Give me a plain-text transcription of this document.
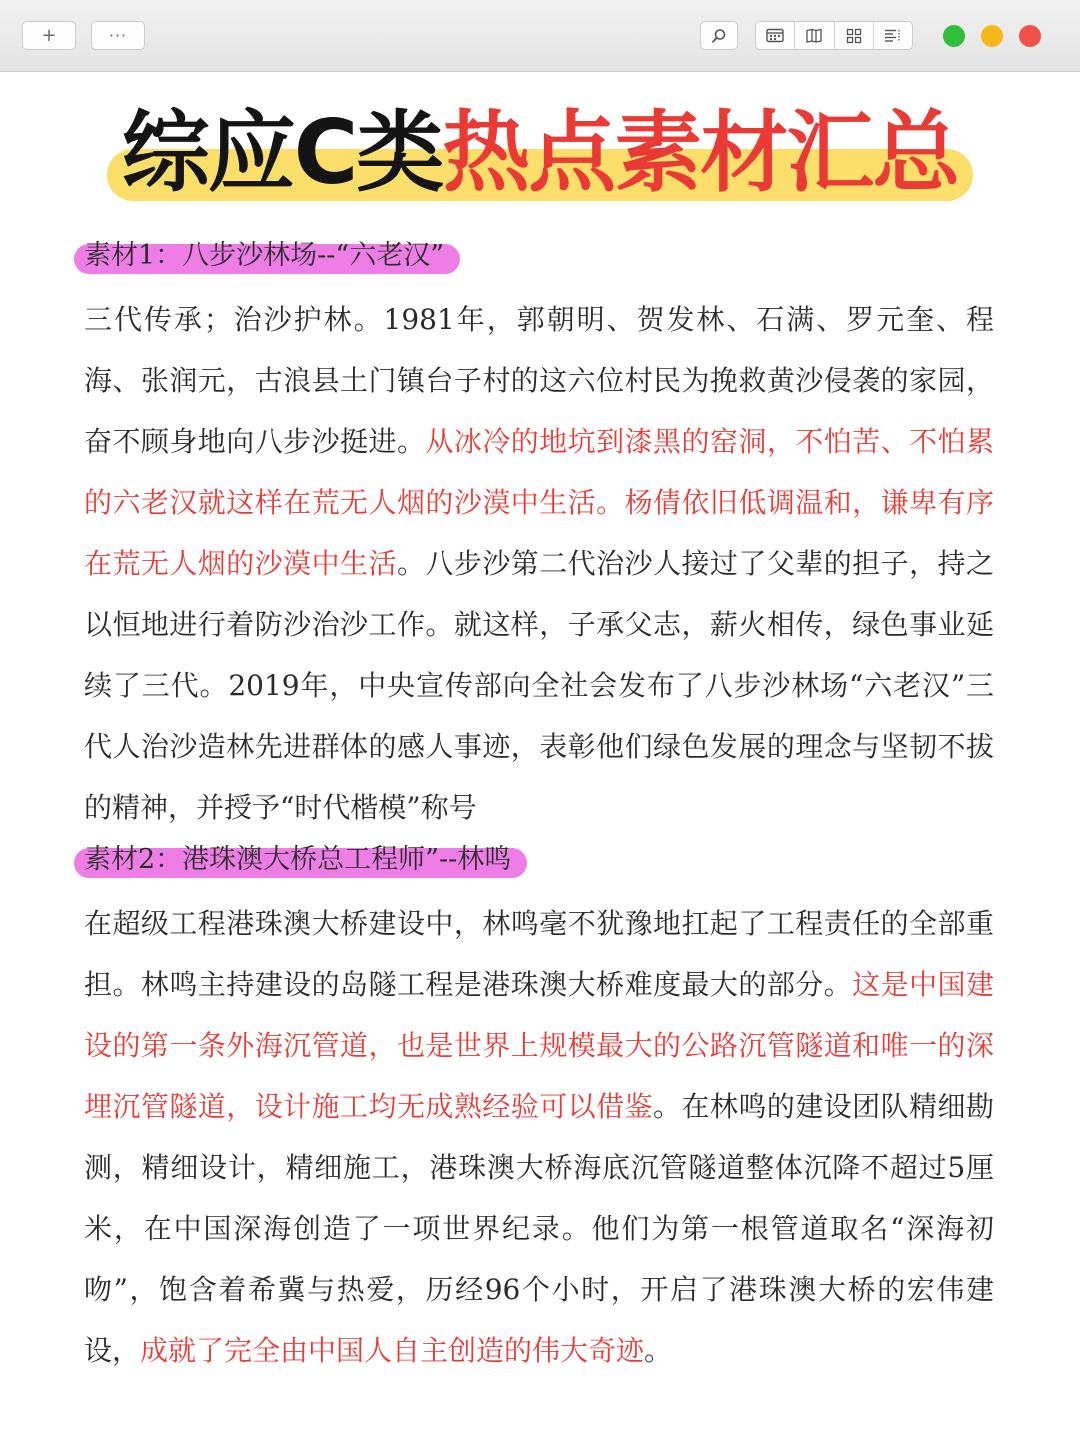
+	···
综应C类热点素材汇总
素材1：八步沙林场--“六老汉”

三代传承；治沙护林。1981年，郭朝明、贺发林、石满、罗元奎、程海、张润元，古浪县土门镇台子村的这六位村民为挽救黄沙侵袭的家园，奋不顾身地向八步沙挺进。从冰冷的地坑到漆黑的窑洞，不怕苦、不怕累的六老汉就这样在荒无人烟的沙漠中生活。杨倩依旧低调温和，谦卑有序在荒无人烟的沙漠中生活。八步沙第二代治沙人接过了父辈的担子，持之以恒地进行着防沙治沙工作。就这样，子承父志，薪火相传，绿色事业延续了三代。2019年，中央宣传部向全社会发布了八步沙林场“六老汉”三代人治沙造林先进群体的感人事迹，表彰他们绿色发展的理念与坚韧不拔的精神，并授予“时代楷模”称号

素材2：港珠澳大桥总工程师”--林鸣

在超级工程港珠澳大桥建设中，林鸣毫不犹豫地扛起了工程责任的全部重担。林鸣主持建设的岛隧工程是港珠澳大桥难度最大的部分。这是中国建设的第一条外海沉管道，也是世界上规模最大的公路沉管隧道和唯一的深埋沉管隧道，设计施工均无成熟经验可以借鉴。在林鸣的建设团队精细勘测，精细设计，精细施工，港珠澳大桥海底沉管隧道整体沉降不超过5厘米，在中国深海创造了一项世界纪录。他们为第一根管道取名“深海初吻”，饱含着希冀与热爱，历经96个小时，开启了港珠澳大桥的宏伟建设，成就了完全由中国人自主创造的伟大奇迹。
